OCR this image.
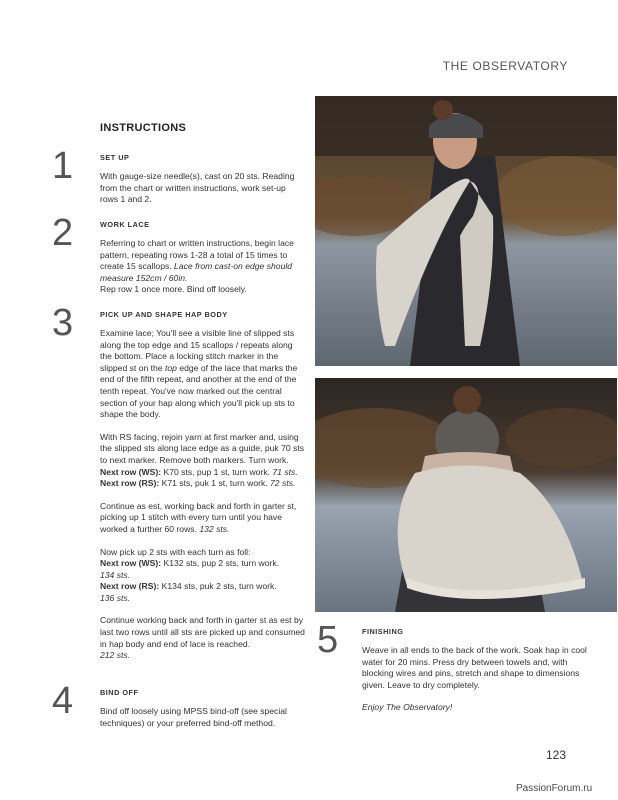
THE OBSERVATORY
INSTRUCTIONS
1	SET UP

With gauge-size needle(s), cast on 20 sts. Reading from the chart or written instructions, work set-up rows 1 and 2.

2	WORK LACE

Referring to chart or written instructions, begin lace pattern, repeating rows 1-28 a total of 15 times to create 15 scallops. Lace from cast-on edge should measure 152cm / 60in.
Rep row 1 once more. Bind off loosely.

3	PICK UP AND SHAPE HAP BODY

Examine lace; You'll see a visible line of slipped sts along the top edge and 15 scallops / repeats along the bottom. Place a locking stitch marker in the slipped st on the top edge of the lace that marks the end of the fifth repeat, and another at the end of the tenth repeat. You've now marked out the central section of your hap along which you'll pick up sts to shape the body.

With RS facing, rejoin yarn at first marker and, using the slipped sts along lace edge as a guide, puk 70 sts to next marker. Remove both markers. Turn work.
Next row (WS): K70 sts, pup 1 st, turn work. 71 sts.
Next row (RS): K71 sts, puk 1 st, turn work. 72 sts.

Continue as est, working back and forth in garter st, picking up 1 stitch with every turn until you have worked a further 60 rows. 132 sts.

Now pick up 2 sts with each turn as foll:
Next row (WS): K132 sts, pup 2 sts, turn work.
134 sts.
Next row (RS): K134 sts, puk 2 sts, turn work.
136 sts.

Continue working back and forth in garter st as est by last two rows until all sts are picked up and consumed in hap body and end of lace is reached.
212 sts.

4	BIND OFF

Bind off loosely using MPSS bind-off (see special techniques) or your preferred bind-off method.

5	FINISHING

Weave in all ends to the back of the work. Soak hap in cool water for 20 mins. Press dry between towels and, with blocking wires and pins, stretch and shape to dimensions given. Leave to dry completely.

Enjoy The Observatory!

123
PassionForum.ru
